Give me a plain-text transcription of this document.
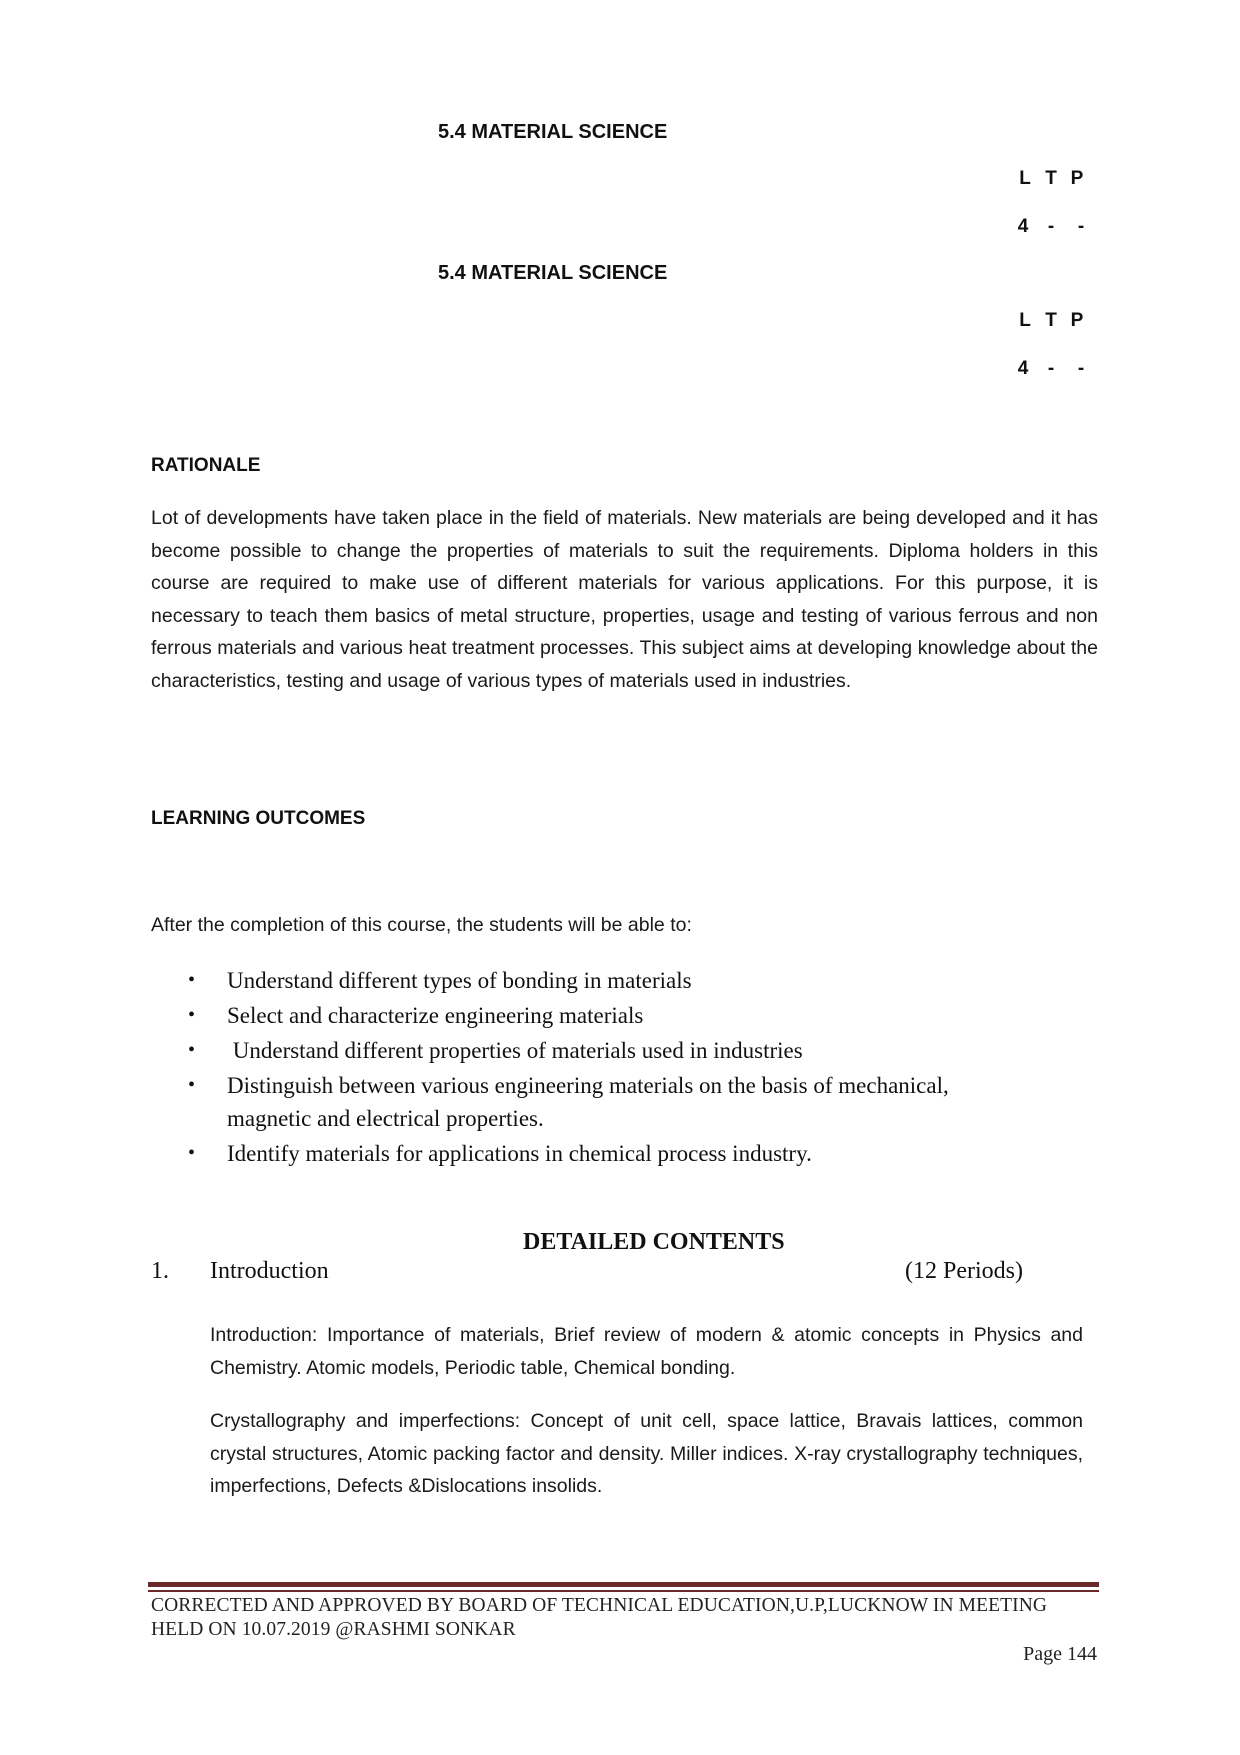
5.4 MATERIAL SCIENCE
L T P
4 - -
5.4 MATERIAL SCIENCE
L T P
4 - -
RATIONALE

Lot of developments have taken place in the field of materials. New materials are being developed and it has become possible to change the properties of materials to suit the requirements. Diploma holders in this course are required to make use of different materials for various applications. For this purpose, it is necessary to teach them basics of metal structure, properties, usage and testing of various ferrous and non ferrous materials and various heat treatment processes. This subject aims at developing knowledge about the characteristics, testing and usage of various types of materials used in industries.

LEARNING OUTCOMES
After the completion of this course, the students will be able to:
• Understand different types of bonding in materials
• Select and characterize engineering materials
• Understand different properties of materials used in industries
• Distinguish between various engineering materials on the basis of mechanical, magnetic and electrical properties.
• Identify materials for applications in chemical process industry.
DETAILED CONTENTS
1. Introduction	(12 Periods)

Introduction: Importance of materials, Brief review of modern & atomic concepts in Physics and Chemistry. Atomic models, Periodic table, Chemical bonding.

Crystallography and imperfections: Concept of unit cell, space lattice, Bravais lattices, common crystal structures, Atomic packing factor and density. Miller indices. X-ray crystallography techniques, imperfections, Defects &Dislocations insolids.

CORRECTED AND APPROVED BY BOARD OF TECHNICAL EDUCATION,U.P,LUCKNOW IN MEETING HELD ON 10.07.2019 @RASHMI SONKAR
Page 144
